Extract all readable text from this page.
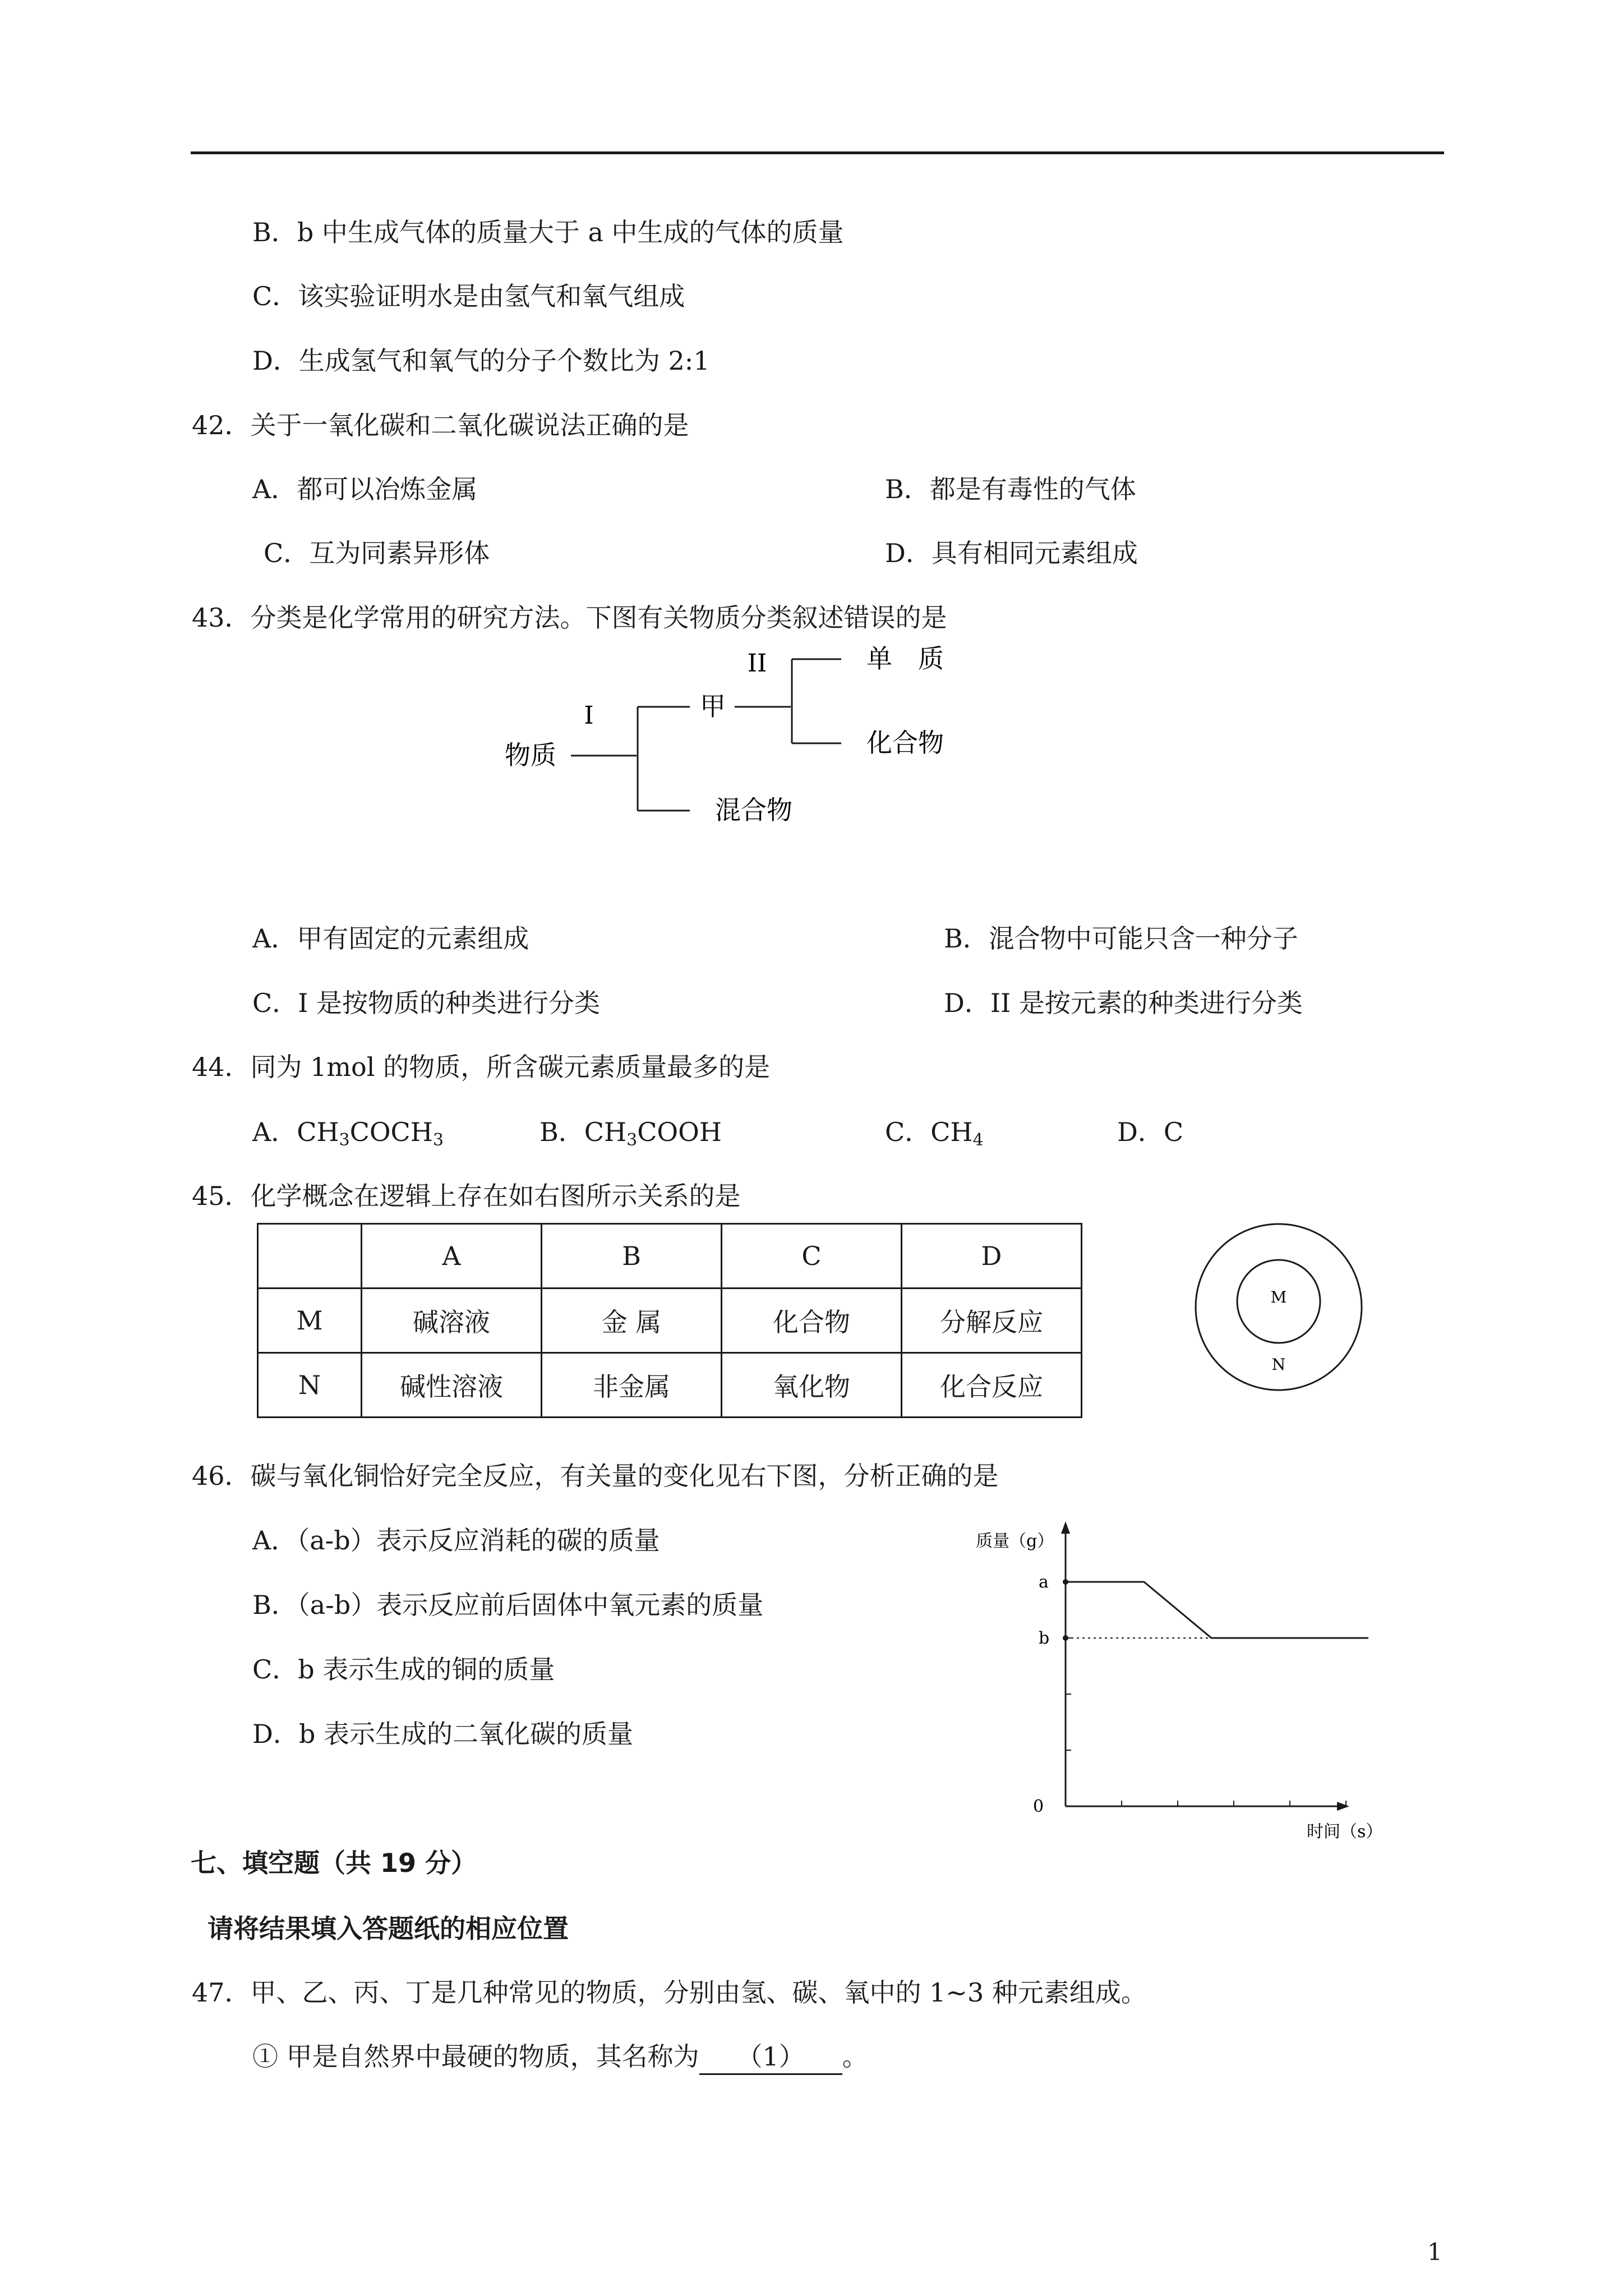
B．b 中生成气体的质量大于 a 中生成的气体的质量
C．该实验证明水是由氢气和氧气组成
D．生成氢气和氧气的分子个数比为 2:1
42．关于一氧化碳和二氧化碳说法正确的是
A．都可以冶炼金属	B．都是有毒性的气体
C．互为同素异形体	D．具有相同元素组成
43．分类是化学常用的研究方法。下图有关物质分类叙述错误的是
I
II
物质
甲
单　质
化合物
混合物
A．甲有固定的元素组成	B．混合物中可能只含一种分子
C．I 是按物质的种类进行分类	D．II 是按元素的种类进行分类
44．同为 1mol 的物质，所含碳元素质量最多的是
A．$CH_3COCH_3$	B．$CH_3COOH$	C．$CH_4$	D．C
45．化学概念在逻辑上存在如右图所示关系的是
	A	B	C	D
M	碱溶液	金 属	化合物	分解反应
N	碱性溶液	非金属	氧化物	化合反应
M
N
46．碳与氧化铜恰好完全反应，有关量的变化见右下图，分析正确的是
A．（a-b）表示反应消耗的碳的质量
B．（a-b）表示反应前后固体中氧元素的质量
C．b 表示生成的铜的质量
D．b 表示生成的二氧化碳的质量
质量（g）
时间（s）
0
a
b
七、填空题（共 19 分）
请将结果填入答题纸的相应位置
47．甲、乙、丙、丁是几种常见的物质，分别由氢、碳、氧中的 1~3 种元素组成。
① 甲是自然界中最硬的物质，其名称为 （1） 。
1
